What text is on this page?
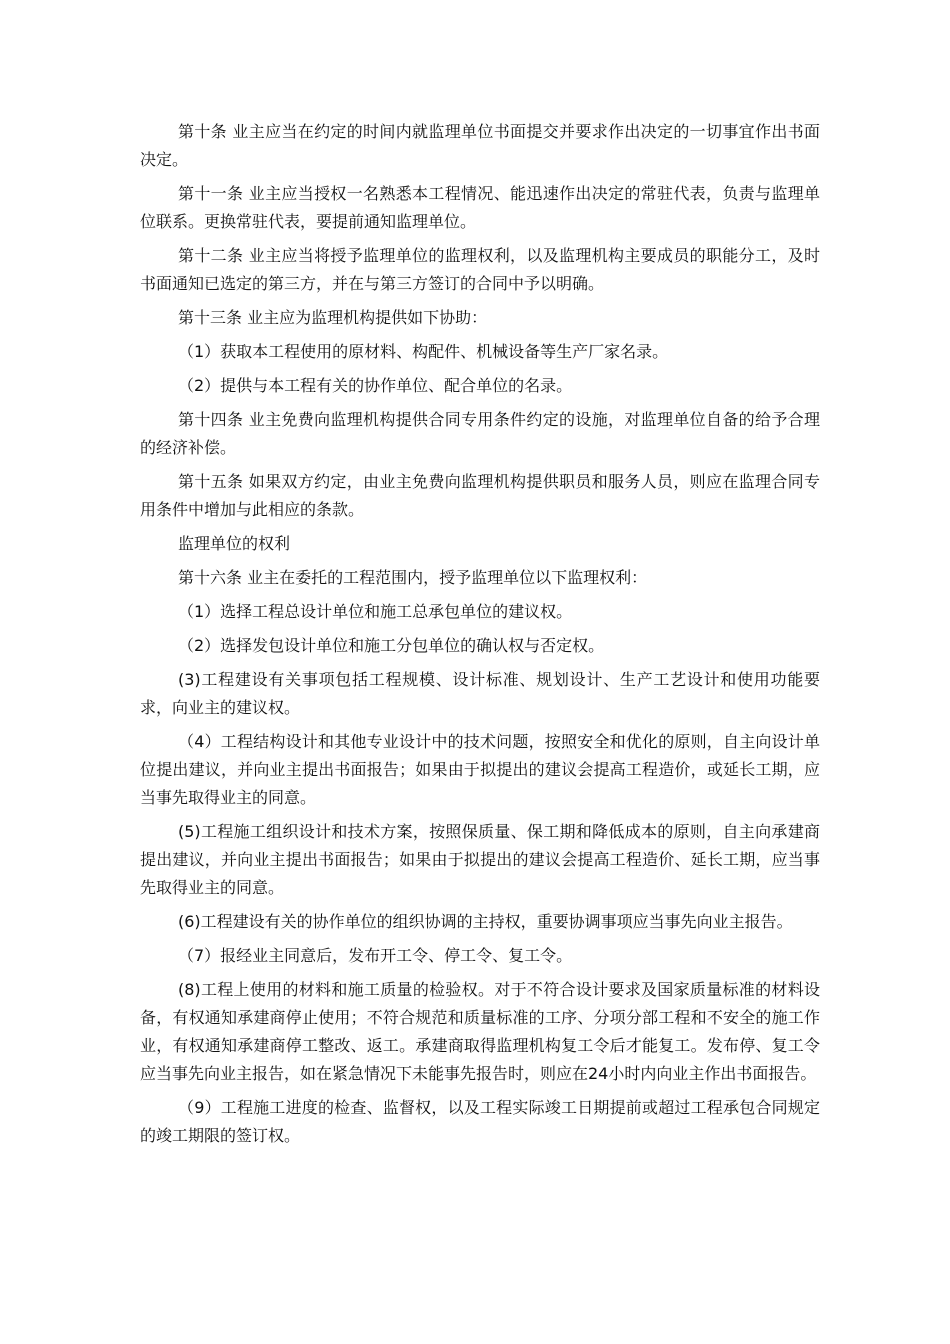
第十条 业主应当在约定的时间内就监理单位书面提交并要求作出决定的一切事宜作出书面决定。

第十一条 业主应当授权一名熟悉本工程情况、能迅速作出决定的常驻代表，负责与监理单位联系。更换常驻代表，要提前通知监理单位。

第十二条 业主应当将授予监理单位的监理权利，以及监理机构主要成员的职能分工，及时书面通知已选定的第三方，并在与第三方签订的合同中予以明确。

第十三条 业主应为监理机构提供如下协助：

（1）获取本工程使用的原材料、构配件、机械设备等生产厂家名录。

（2）提供与本工程有关的协作单位、配合单位的名录。

第十四条 业主免费向监理机构提供合同专用条件约定的设施，对监理单位自备的给予合理的经济补偿。

第十五条 如果双方约定，由业主免费向监理机构提供职员和服务人员，则应在监理合同专用条件中增加与此相应的条款。

监理单位的权利

第十六条 业主在委托的工程范围内，授予监理单位以下监理权利：

（1）选择工程总设计单位和施工总承包单位的建议权。

（2）选择发包设计单位和施工分包单位的确认权与否定权。

(3)工程建设有关事项包括工程规模、设计标准、规划设计、生产工艺设计和使用功能要求，向业主的建议权。

（4）工程结构设计和其他专业设计中的技术问题，按照安全和优化的原则，自主向设计单位提出建议，并向业主提出书面报告；如果由于拟提出的建议会提高工程造价，或延长工期，应当事先取得业主的同意。

(5)工程施工组织设计和技术方案，按照保质量、保工期和降低成本的原则，自主向承建商提出建议，并向业主提出书面报告；如果由于拟提出的建议会提高工程造价、延长工期，应当事先取得业主的同意。

(6)工程建设有关的协作单位的组织协调的主持权，重要协调事项应当事先向业主报告。

（7）报经业主同意后，发布开工令、停工令、复工令。

(8)工程上使用的材料和施工质量的检验权。对于不符合设计要求及国家质量标准的材料设备，有权通知承建商停止使用；不符合规范和质量标准的工序、分项分部工程和不安全的施工作业，有权通知承建商停工整改、返工。承建商取得监理机构复工令后才能复工。发布停、复工令应当事先向业主报告，如在紧急情况下未能事先报告时，则应在24小时内向业主作出书面报告。

（9）工程施工进度的检查、监督权，以及工程实际竣工日期提前或超过工程承包合同规定的竣工期限的签订权。
